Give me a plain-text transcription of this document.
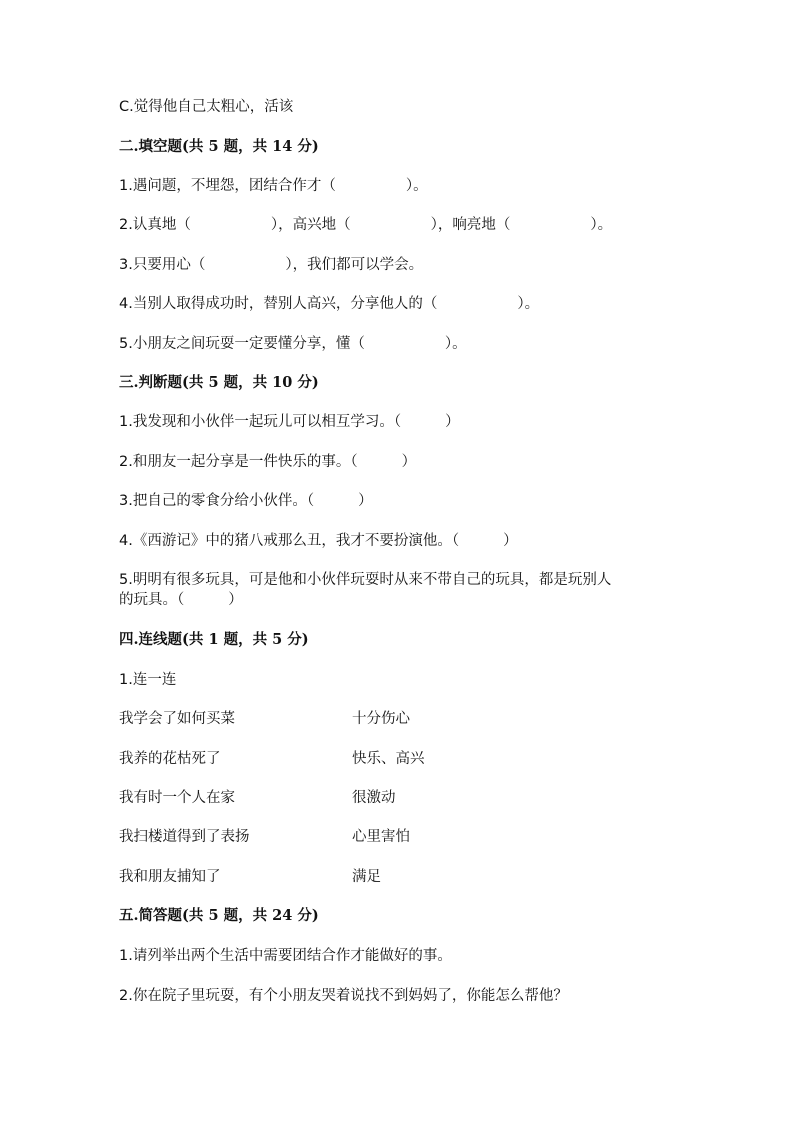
C.觉得他自己太粗心，活该
二.填空题(共 5 题，共 14 分)
1.遇问题，不埋怨，团结合作才（	）。
2.认真地（	），高兴地（	），响亮地（	）。
3.只要用心（	），我们都可以学会。
4.当别人取得成功时，替别人高兴，分享他人的（	）。
5.小朋友之间玩耍一定要懂分享，懂（	）。
三.判断题(共 5 题，共 10 分)
1.我发现和小伙伴一起玩儿可以相互学习。（	）
2.和朋友一起分享是一件快乐的事。（	）
3.把自己的零食分给小伙伴。（	）
4.《西游记》中的猪八戒那么丑，我才不要扮演他。（	）
5.明明有很多玩具，可是他和小伙伴玩耍时从来不带自己的玩具，都是玩别人
的玩具。（	）
四.连线题(共 1 题，共 5 分)
1.连一连
我学会了如何买菜	十分伤心
我养的花枯死了	快乐、高兴
我有时一个人在家	很激动
我扫楼道得到了表扬	心里害怕
我和朋友捕知了	满足
五.简答题(共 5 题，共 24 分)
1.请列举出两个生活中需要团结合作才能做好的事。
2.你在院子里玩耍，有个小朋友哭着说找不到妈妈了，你能怎么帮他？
